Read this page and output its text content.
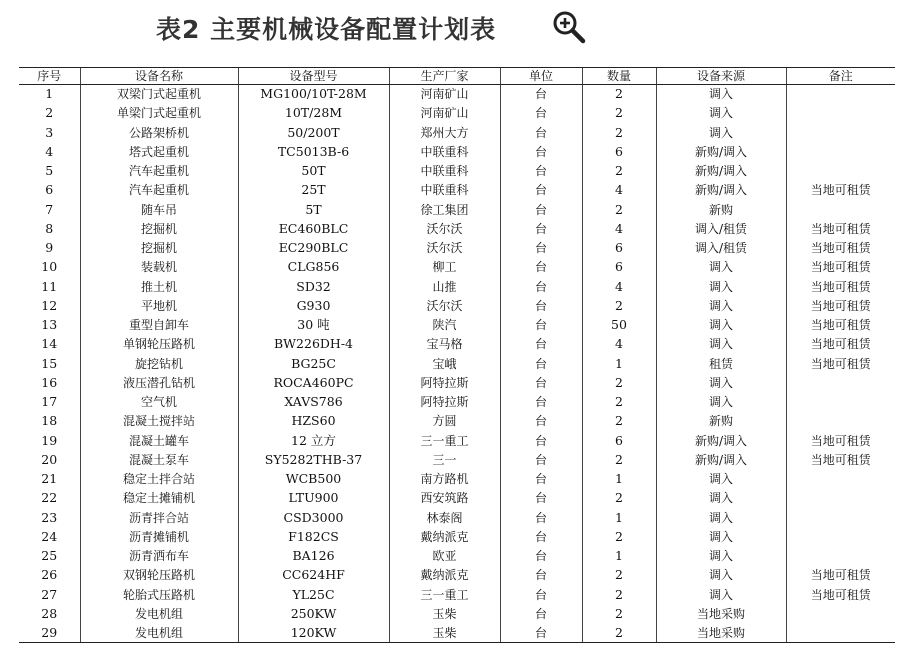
表2 主要机械设备配置计划表
序号	设备名称	设备型号	生产厂家	单位	数量	设备来源	备注
1	双梁门式起重机	MG100/10T-28M	河南矿山	台	2	调入	
2	单梁门式起重机	10T/28M	河南矿山	台	2	调入	
3	公路架桥机	50/200T	郑州大方	台	2	调入	
4	塔式起重机	TC5013B-6	中联重科	台	6	新购/调入	
5	汽车起重机	50T	中联重科	台	2	新购/调入	
6	汽车起重机	25T	中联重科	台	4	新购/调入	当地可租赁
7	随车吊	5T	徐工集团	台	2	新购	
8	挖掘机	EC460BLC	沃尔沃	台	4	调入/租赁	当地可租赁
9	挖掘机	EC290BLC	沃尔沃	台	6	调入/租赁	当地可租赁
10	装载机	CLG856	柳工	台	6	调入	当地可租赁
11	推土机	SD32	山推	台	4	调入	当地可租赁
12	平地机	G930	沃尔沃	台	2	调入	当地可租赁
13	重型自卸车	30 吨	陕汽	台	50	调入	当地可租赁
14	单钢轮压路机	BW226DH-4	宝马格	台	4	调入	当地可租赁
15	旋挖钻机	BG25C	宝峨	台	1	租赁	当地可租赁
16	液压潜孔钻机	ROCA460PC	阿特拉斯	台	2	调入	
17	空气机	XAVS786	阿特拉斯	台	2	调入	
18	混凝土搅拌站	HZS60	方圆	台	2	新购	
19	混凝土罐车	12 立方	三一重工	台	6	新购/调入	当地可租赁
20	混凝土泵车	SY5282THB-37	三一	台	2	新购/调入	当地可租赁
21	稳定土拌合站	WCB500	南方路机	台	1	调入	
22	稳定土摊铺机	LTU900	西安筑路	台	2	调入	
23	沥青拌合站	CSD3000	林泰阁	台	1	调入	
24	沥青摊铺机	F182CS	戴纳派克	台	2	调入	
25	沥青洒布车	BA126	欧亚	台	1	调入	
26	双钢轮压路机	CC624HF	戴纳派克	台	2	调入	当地可租赁
27	轮胎式压路机	YL25C	三一重工	台	2	调入	当地可租赁
28	发电机组	250KW	玉柴	台	2	当地采购	
29	发电机组	120KW	玉柴	台	2	当地采购	
